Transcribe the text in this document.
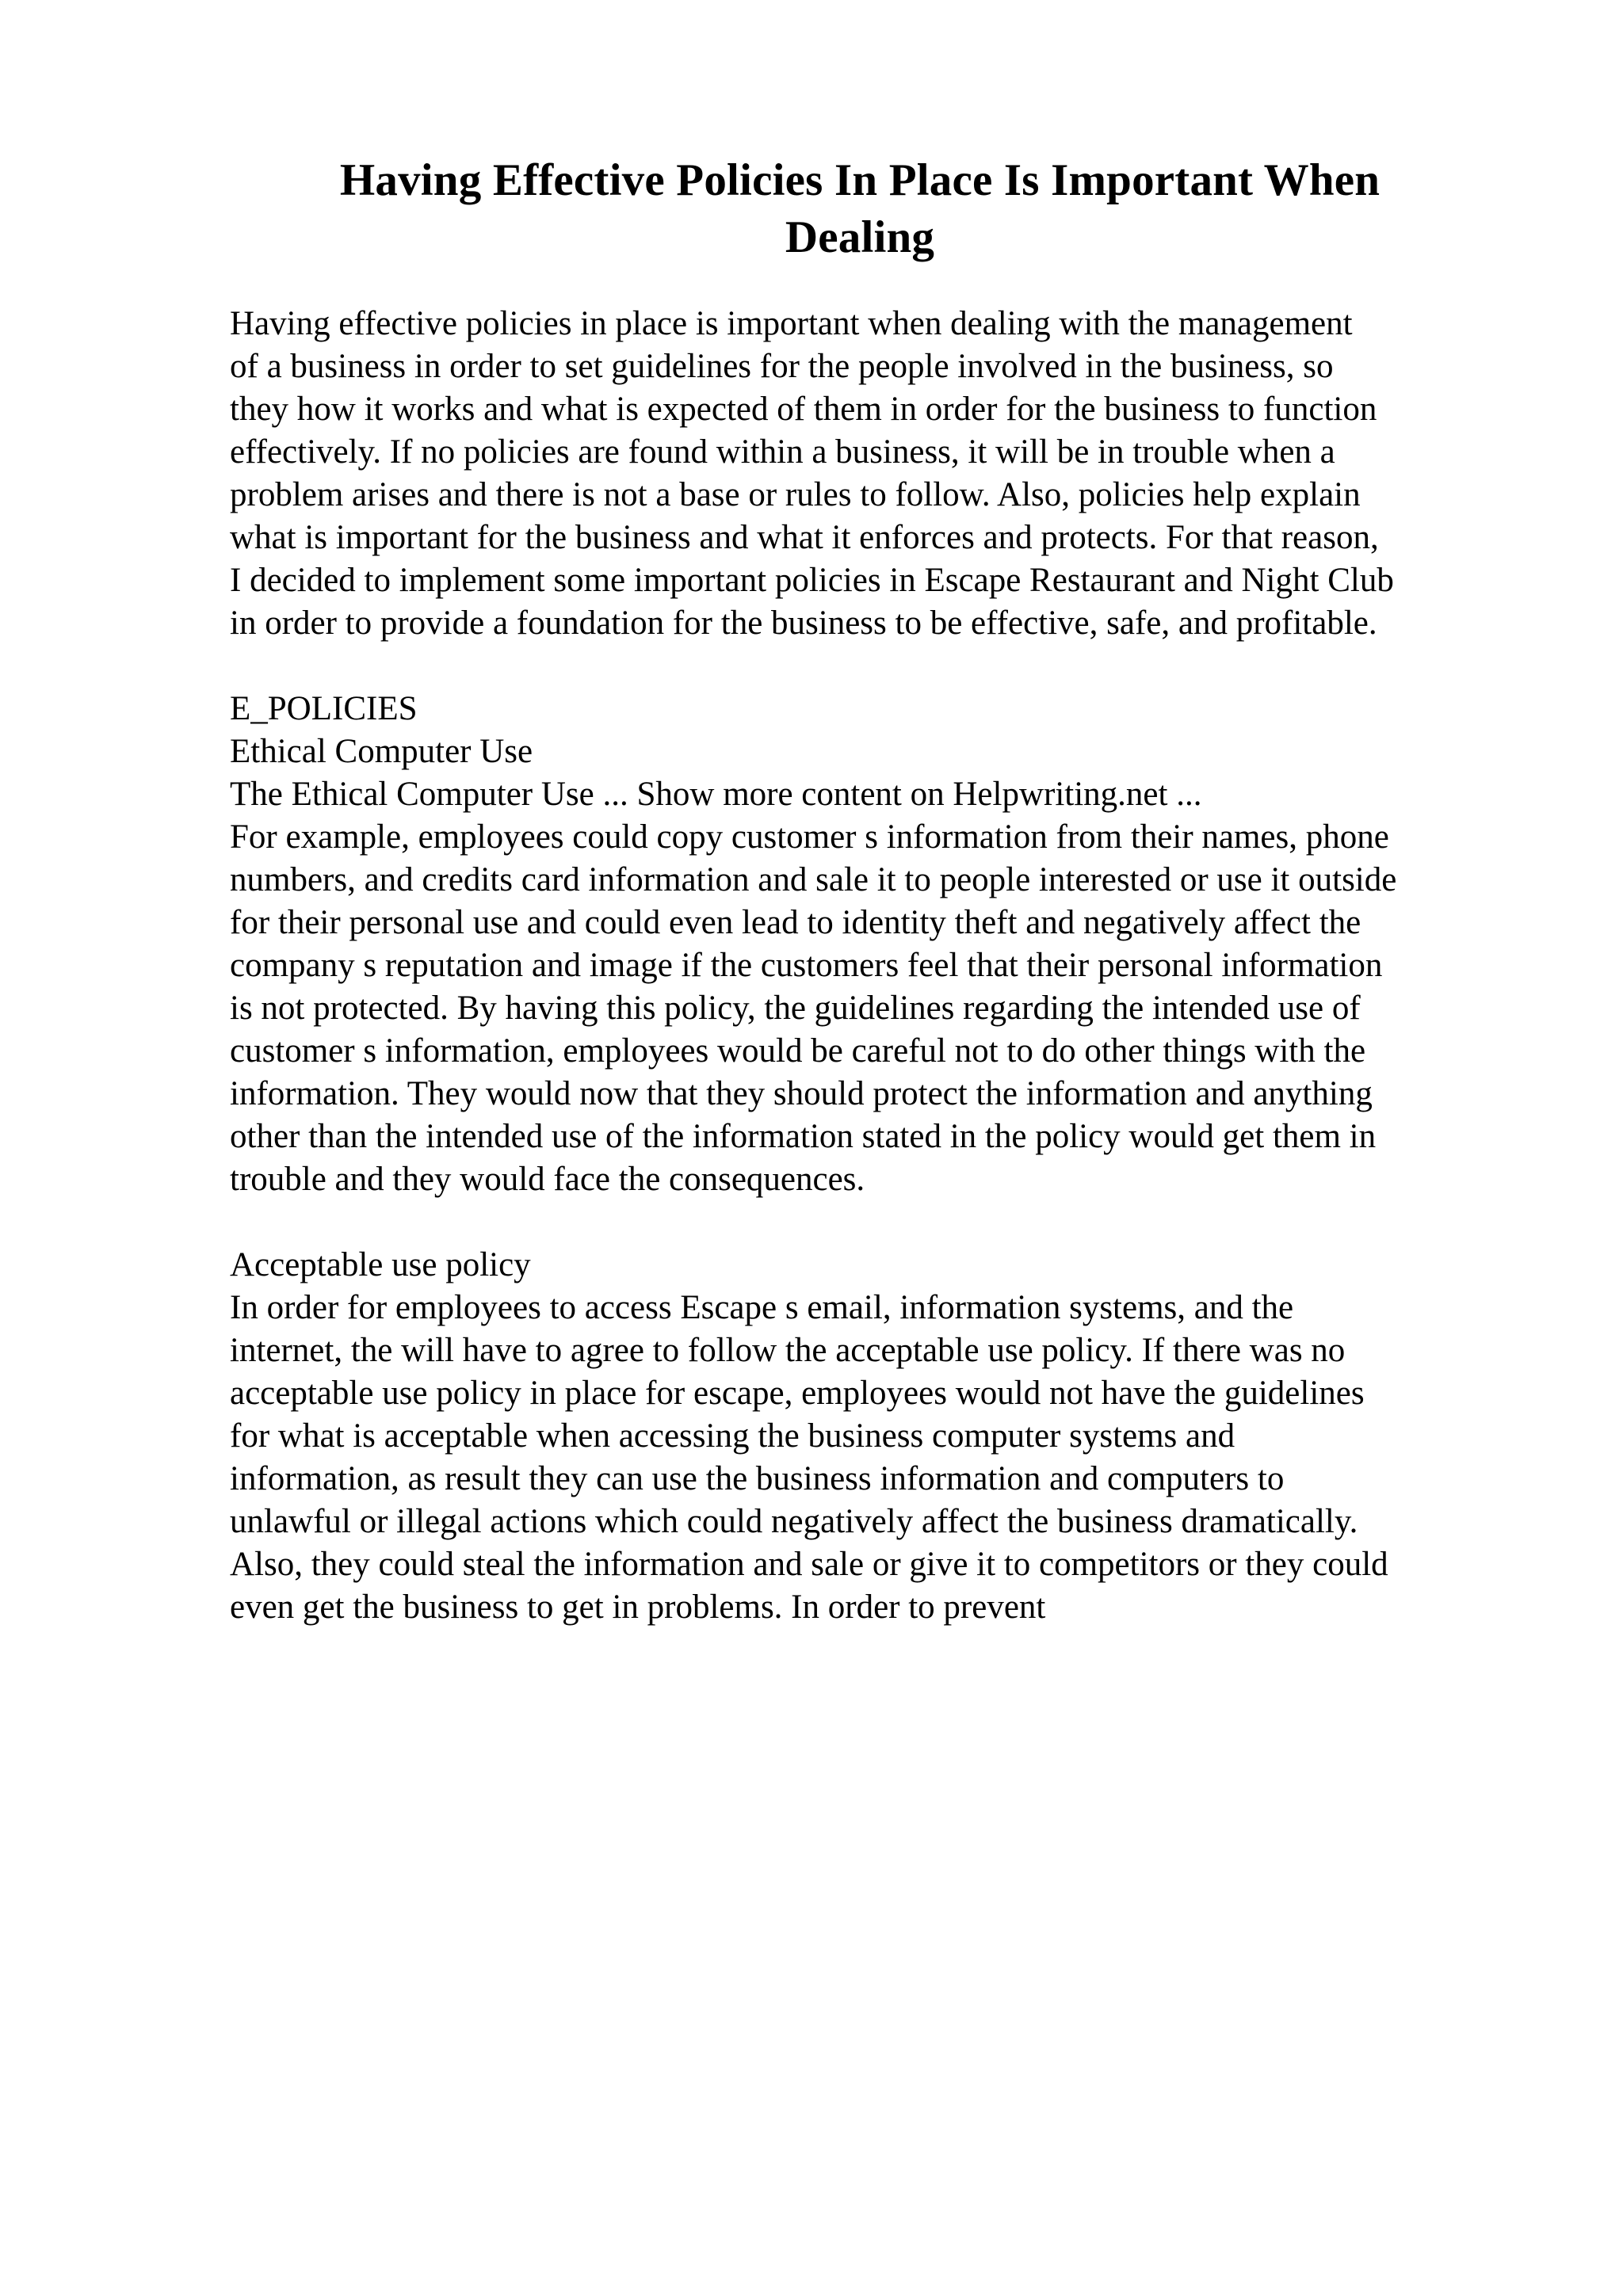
Having Effective Policies In Place Is Important When
Dealing
Having effective policies in place is important when dealing with the management
of a business in order to set guidelines for the people involved in the business, so
they how it works and what is expected of them in order for the business to function
effectively. If no policies are found within a business, it will be in trouble when a
problem arises and there is not a base or rules to follow. Also, policies help explain
what is important for the business and what it enforces and protects. For that reason,
I decided to implement some important policies in Escape Restaurant and Night Club
in order to provide a foundation for the business to be effective, safe, and profitable.
E_POLICIES
Ethical Computer Use
The Ethical Computer Use ... Show more content on Helpwriting.net ...
For example, employees could copy customer s information from their names, phone
numbers, and credits card information and sale it to people interested or use it outside
for their personal use and could even lead to identity theft and negatively affect the
company s reputation and image if the customers feel that their personal information
is not protected. By having this policy, the guidelines regarding the intended use of
customer s information, employees would be careful not to do other things with the
information. They would now that they should protect the information and anything
other than the intended use of the information stated in the policy would get them in
trouble and they would face the consequences.
Acceptable use policy
In order for employees to access Escape s email, information systems, and the
internet, the will have to agree to follow the acceptable use policy. If there was no
acceptable use policy in place for escape, employees would not have the guidelines
for what is acceptable when accessing the business computer systems and
information, as result they can use the business information and computers to
unlawful or illegal actions which could negatively affect the business dramatically.
Also, they could steal the information and sale or give it to competitors or they could
even get the business to get in problems. In order to prevent
